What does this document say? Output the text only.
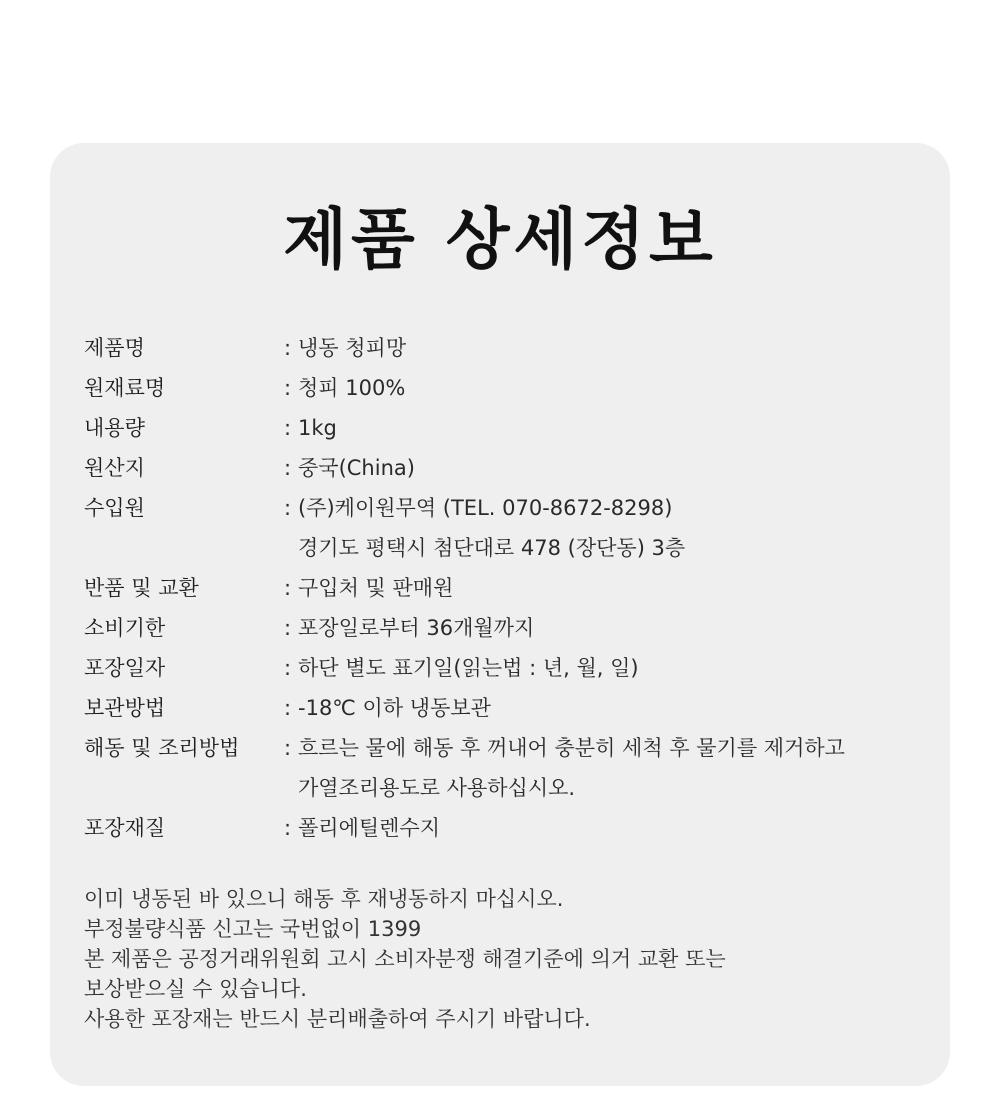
제품 상세정보
제품명	: 냉동 청피망
원재료명	: 청피 100%
내용량	: 1kg
원산지	: 중국(China)
수입원	: (주)케이원무역 (TEL. 070-8672-8298)
경기도 평택시 첨단대로 478 (장단동) 3층
반품 및 교환	: 구입처 및 판매원
소비기한	: 포장일로부터 36개월까지
포장일자	: 하단 별도 표기일(읽는법 : 년, 월, 일)
보관방법	: -18℃ 이하 냉동보관
해동 및 조리방법	: 흐르는 물에 해동 후 꺼내어 충분히 세척 후 물기를 제거하고
가열조리용도로 사용하십시오.
포장재질	: 폴리에틸렌수지
이미 냉동된 바 있으니 해동 후 재냉동하지 마십시오.
부정불량식품 신고는 국번없이 1399
본 제품은 공정거래위원회 고시 소비자분쟁 해결기준에 의거 교환 또는
보상받으실 수 있습니다.
사용한 포장재는 반드시 분리배출하여 주시기 바랍니다.
